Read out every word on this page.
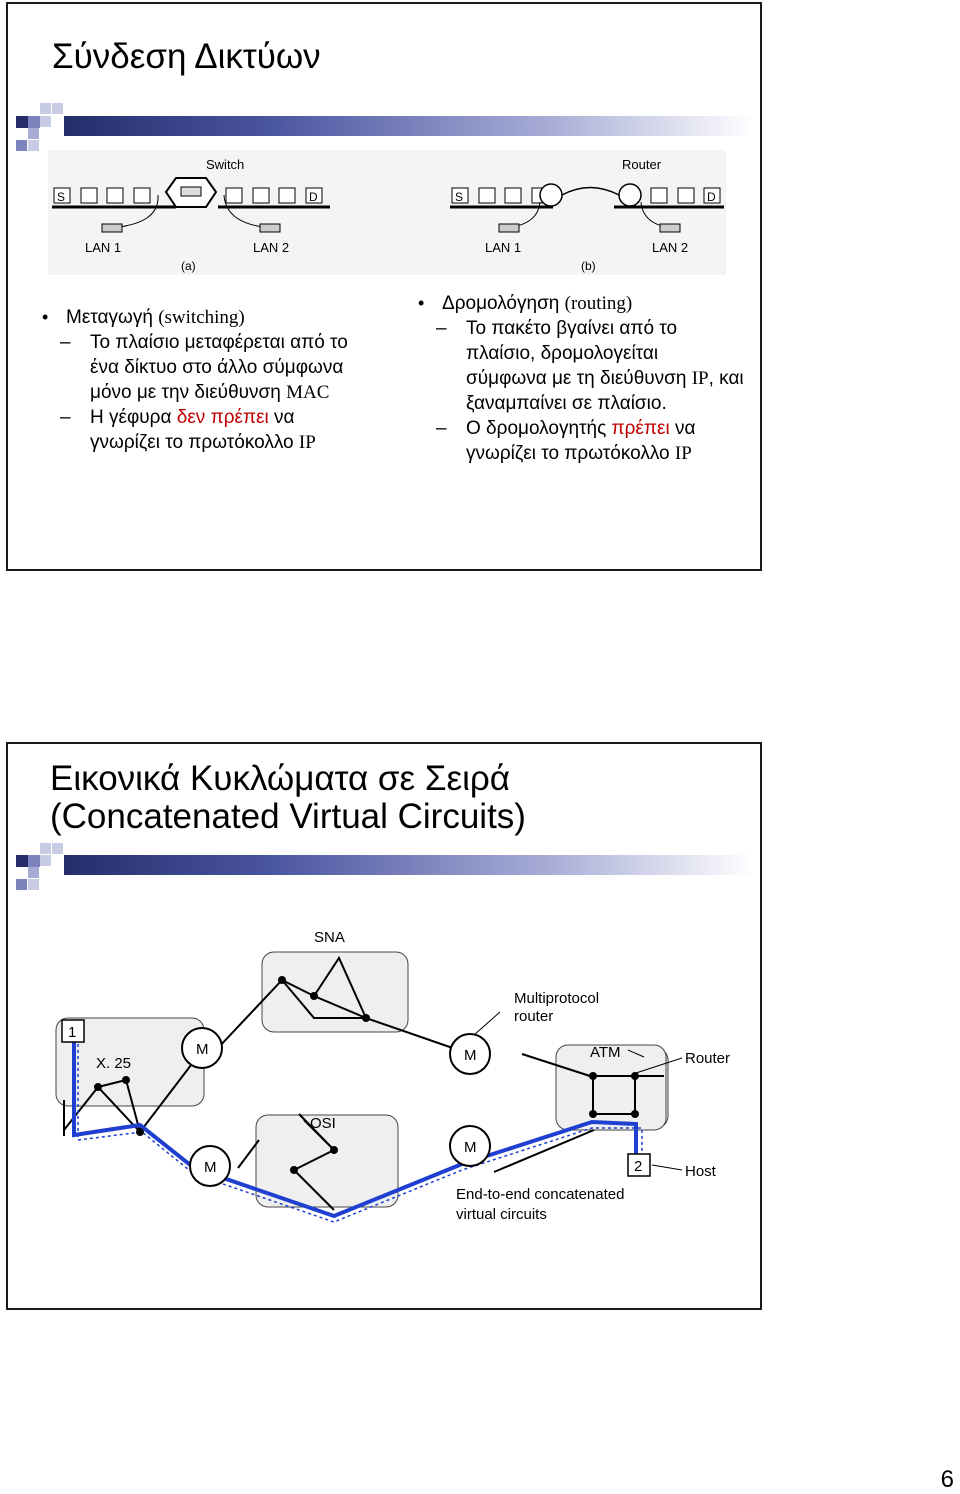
Σύνδεση Δικτύων
Switch
S	D
LAN 1	LAN 2
(a)
Router
S	D
LAN 1	LAN 2
(b)
• Μεταγωγή (switching)
– Το πλαίσιο μεταφέρεται από το ένα δίκτυο στο άλλο σύμφωνα μόνο με την διεύθυνση MAC
– Η γέφυρα δεν πρέπει να γνωρίζει το πρωτόκολλο IP
• Δρομολόγηση (routing)
– Το πακέτο βγαίνει από το πλαίσιο, δρομολογείται σύμφωνα με τη διεύθυνση IP, και ξαναμπαίνει σε πλαίσιο.
– Ο δρομολογητής πρέπει να γνωρίζει το πρωτόκολλο IP
Εικονικά Κυκλώματα σε Σειρά
(Concatenated Virtual Circuits)
M
M
M
M
1
2
SNA
Multiprotocol
router
X. 25
ATM	Router
OSI
Host
End-to-end concatenated
virtual circuits
6
